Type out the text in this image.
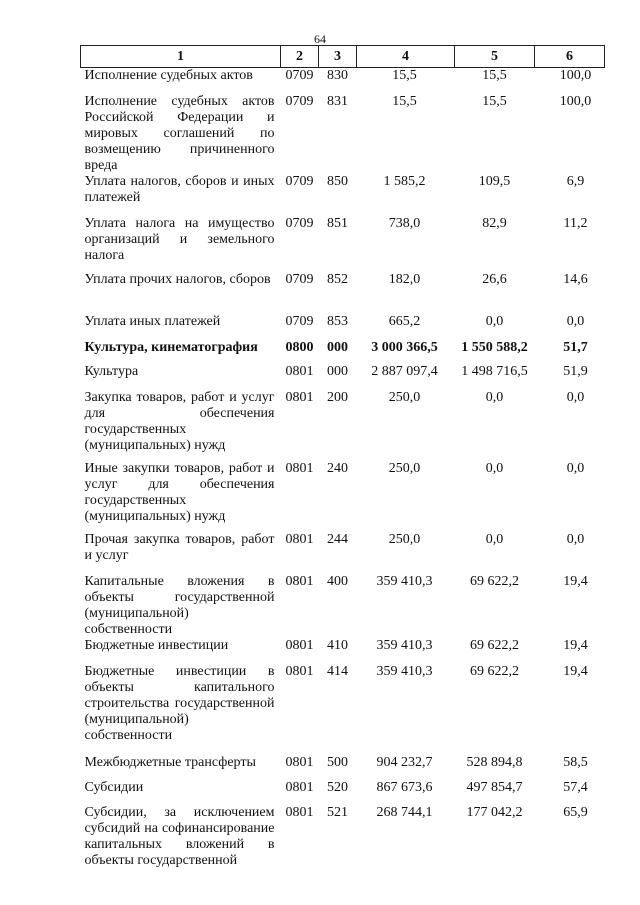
64
1	2	3	4	5	6
Исполнение судебных актов	0709	830	15,5	15,5	100,0
Исполнение судебных актов Российской Федерации и мировых соглашений по возмещению причиненного вреда	0709	831	15,5	15,5	100,0
Уплата налогов, сборов и иных платежей	0709	850	1 585,2	109,5	6,9
Уплата налога на имущество организаций и земельного налога	0709	851	738,0	82,9	11,2
Уплата прочих налогов, сборов	0709	852	182,0	26,6	14,6
Уплата иных платежей	0709	853	665,2	0,0	0,0
Культура, кинематография	0800	000	3 000 366,5	1 550 588,2	51,7
Культура	0801	000	2 887 097,4	1 498 716,5	51,9
Закупка товаров, работ и услуг для обеспечения государственных (муниципальных) нужд	0801	200	250,0	0,0	0,0
Иные закупки товаров, работ и услуг для обеспечения государственных (муниципальных) нужд	0801	240	250,0	0,0	0,0
Прочая закупка товаров, работ и услуг	0801	244	250,0	0,0	0,0
Капитальные вложения в объекты государственной (муниципальной) собственности	0801	400	359 410,3	69 622,2	19,4
Бюджетные инвестиции	0801	410	359 410,3	69 622,2	19,4
Бюджетные инвестиции в объекты капитального строительства государственной (муниципальной) собственности	0801	414	359 410,3	69 622,2	19,4
Межбюджетные трансферты	0801	500	904 232,7	528 894,8	58,5
Субсидии	0801	520	867 673,6	497 854,7	57,4
Субсидии, за исключением субсидий на софинансирование капитальных вложений в объекты государственной	0801	521	268 744,1	177 042,2	65,9
